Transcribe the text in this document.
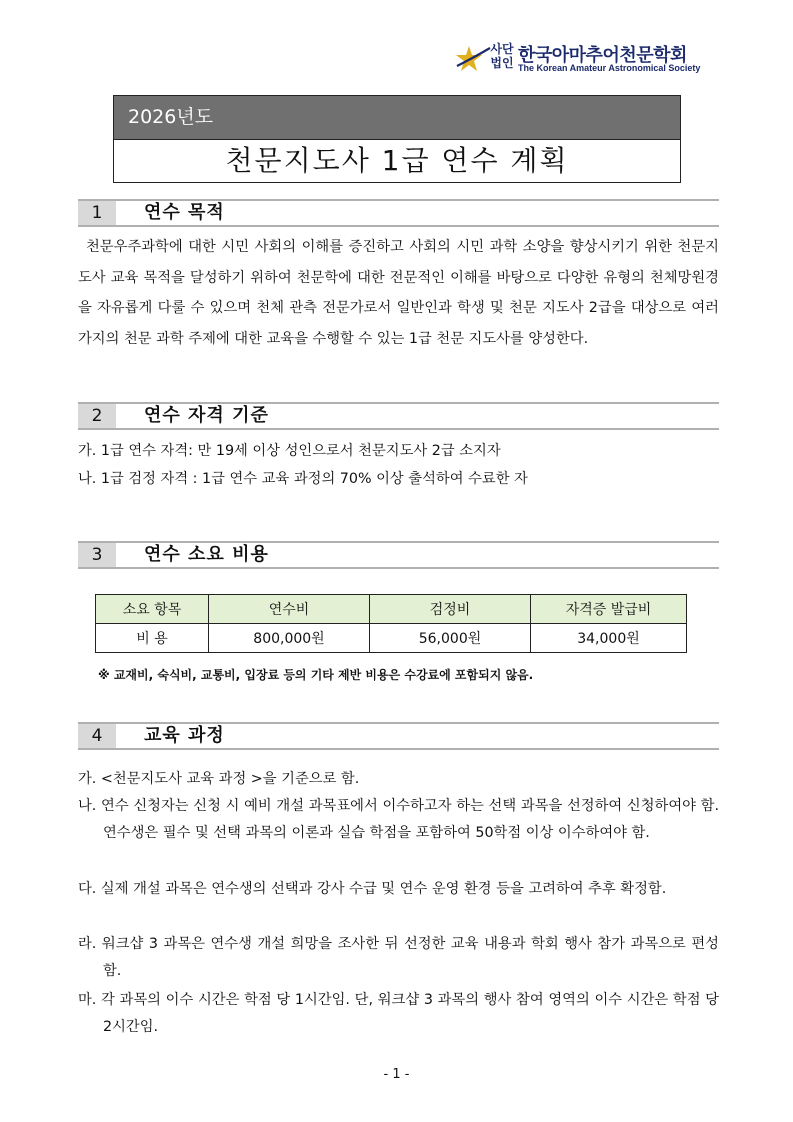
사단법인 한국아마추어천문학회
The Korean Amateur Astronomical Society
2026년도
천문지도사 1급 연수 계획
1	연수 목적
천문우주과학에 대한 시민 사회의 이해를 증진하고 사회의 시민 과학 소양을 향상시키기 위한 천문지도사 교육 목적을 달성하기 위하여 천문학에 대한 전문적인 이해를 바탕으로 다양한 유형의 천체망원경을 자유롭게 다룰 수 있으며 천체 관측 전문가로서 일반인과 학생 및 천문 지도사 2급을 대상으로 여러 가지의 천문 과학 주제에 대한 교육을 수행할 수 있는 1급 천문 지도사를 양성한다.
2	연수 자격 기준
가. 1급 연수 자격: 만 19세 이상 성인으로서 천문지도사 2급 소지자
나. 1급 검정 자격 : 1급 연수 교육 과정의 70% 이상 출석하여 수료한 자
3	연수 소요 비용
소요 항목	연수비	검정비	자격증 발급비
비 용	800,000원	56,000원	34,000원
※ 교재비, 숙식비, 교통비, 입장료 등의 기타 제반 비용은 수강료에 포함되지 않음.
4	교육 과정
가. <천문지도사 교육 과정 >을 기준으로 함.
나. 연수 신청자는 신청 시 예비 개설 과목표에서 이수하고자 하는 선택 과목을 선정하여 신청하여야 함. 연수생은 필수 및 선택 과목의 이론과 실습 학점을 포함하여 50학점 이상 이수하여야 함.
다. 실제 개설 과목은 연수생의 선택과 강사 수급 및 연수 운영 환경 등을 고려하여 추후 확정함.
라. 워크샵 3 과목은 연수생 개설 희망을 조사한 뒤 선정한 교육 내용과 학회 행사 참가 과목으로 편성함.
마. 각 과목의 이수 시간은 학점 당 1시간임. 단, 워크샵 3 과목의 행사 참여 영역의 이수 시간은 학점 당 2시간임.
- 1 -
